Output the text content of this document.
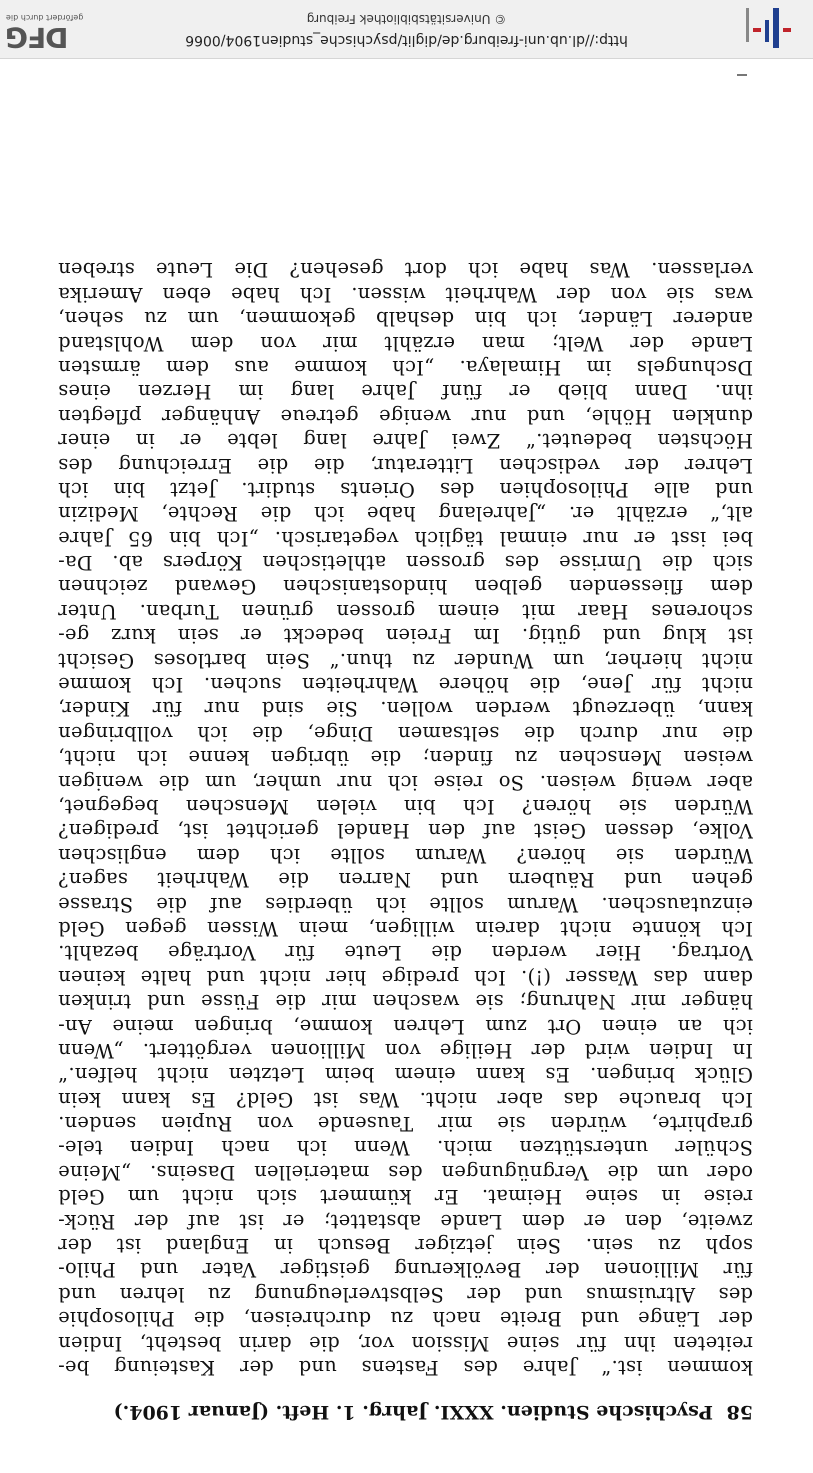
58
Psychische Studien. XXXI. Jahrg. 1. Heft. (Januar 1904.)
kommen ist.“ Jahre des Fastens und der Kasteiung be-
reiteten ihn für seine Mission vor, die darin besteht, Indien
der Länge und Breite nach zu durchreisen, die Philosophie
des Altruismus und der Selbstverleugnung zu lehren und
für Millionen der Bevölkerung geistiger Vater und Philo-
soph zu sein. Sein jetziger Besuch in England ist der
zweite, den er dem Lande abstattet; er ist auf der Rück-
reise in seine Heimat. Er kümmert sich nicht um Geld
oder um die Vergnügungen des materiellen Daseins. „Meine
Schüler unterstützen mich. Wenn ich nach Indien tele-
graphirte, würden sie mir Tausende von Rupien senden.
Ich brauche das aber nicht. Was ist Geld? Es kann kein
Glück bringen. Es kann einem beim Letzten nicht helfen.“
In Indien wird der Heilige von Millionen vergöttert. „Wenn
ich an einen Ort zum Lehren komme, bringen meine An-
hänger mir Nahrung; sie waschen mir die Füsse und trinken
dann das Wasser (!). Ich predige hier nicht und halte keinen
Vortrag. Hier werden die Leute für Vorträge bezahlt.
Ich könnte nicht darein willigen, mein Wissen gegen Geld
einzutauschen. Warum sollte ich überdies auf die Strasse
gehen und Räubern und Narren die Wahrheit sagen?
Würden sie hören? Warum sollte ich dem englischen
Volke, dessen Geist auf den Handel gerichtet ist, predigen?
Würden sie hören? Ich bin vielen Menschen begegnet,
aber wenig weisen. So reise ich nur umher, um die wenigen
weisen Menschen zu finden; die übrigen kenne ich nicht,
die nur durch die seltsamen Dinge, die ich vollbringen
kann, überzeugt werden wollen. Sie sind nur für Kinder,
nicht für Jene, die höhere Wahrheiten suchen. Ich komme
nicht hierher, um Wunder zu thun.“ Sein bartloses Gesicht
ist klug und gütig. Im Freien bedeckt er sein kurz ge-
schorenes Haar mit einem grossen grünen Turban. Unter
dem fliessenden gelben hindostanischen Gewand zeichnen
sich die Umrisse des grossen athletischen Körpers ab. Da-
bei isst er nur einmal täglich vegetarisch. „Ich bin 65 Jahre
alt,“ erzählt er. „Jahrelang habe ich die Rechte, Medizin
und alle Philosophien des Orients studirt. Jetzt bin ich
Lehrer der vedischen Litteratur, die die Erreichung des
Höchsten bedeutet.“ Zwei Jahre lang lebte er in einer
dunklen Höhle, und nur wenige getreue Anhänger pflegten
ihn. Dann blieb er fünf Jahre lang im Herzen eines
Dschungels im Himalaya. „Ich komme aus dem ärmsten
Lande der Welt; man erzählt mir von dem Wohlstand
anderer Länder, ich bin deshalb gekommen, um zu sehen,
was sie von der Wahrheit wissen. Ich habe eben Amerika
verlassen. Was habe ich dort gesehen? Die Leute streben
http://dl.ub.uni-freiburg.de/diglit/psychische_studien1904/0066
© Universitätsbibliothek Freiburg
DFG
gefördert durch die
